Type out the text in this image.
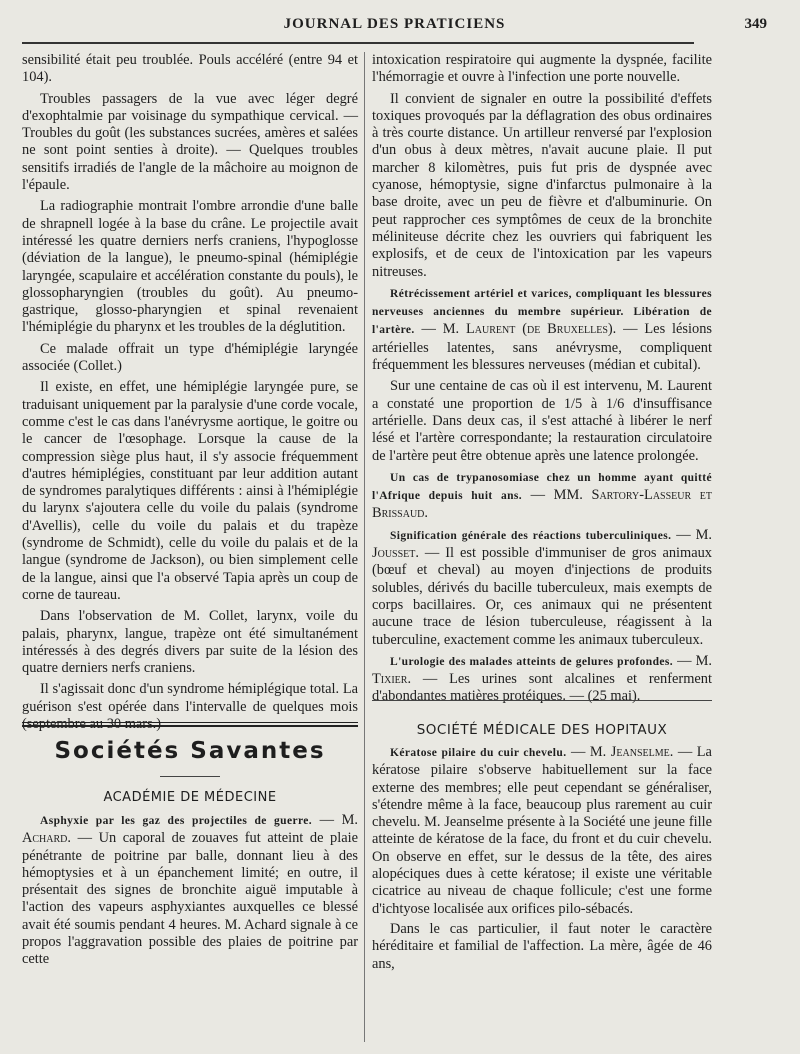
JOURNAL DES PRATICIENS	349

sensibilité était peu troublée. Pouls accéléré (entre 94 et 104).

Troubles passagers de la vue avec léger degré d'exophtalmie par voisinage du sympathique cervical. — Troubles du goût (les substances sucrées, amères et salées ne sont point senties à droite). — Quelques troubles sensitifs irradiés de l'angle de la mâchoire au moignon de l'épaule.

La radiographie montrait l'ombre arrondie d'une balle de shrapnell logée à la base du crâne. Le projectile avait intéressé les quatre derniers nerfs craniens, l'hypoglosse (déviation de la langue), le pneumo-spinal (hémiplégie laryngée, scapulaire et accélération constante du pouls), le glossopharyngien (troubles du goût). Au pneumo-gastrique, glosso-pharyngien et spinal revenaient l'hémiplégie du pharynx et les troubles de la déglutition.

Ce malade offrait un type d'hémiplégie laryngée associée (Collet.)

Il existe, en effet, une hémiplégie laryngée pure, se traduisant uniquement par la paralysie d'une corde vocale, comme c'est le cas dans l'anévrysme aortique, le goitre ou le cancer de l'œsophage. Lorsque la cause de la compression siège plus haut, il s'y associe fréquemment d'autres hémiplégies, constituant par leur addition autant de syndromes paralytiques différents : ainsi à l'hémiplégie du larynx s'ajoutera celle du voile du palais (syndrome d'Avellis), celle du voile du palais et du trapèze (syndrome de Schmidt), celle du voile du palais et de la langue (syndrome de Jackson), ou bien simplement celle de la langue, ainsi que l'a observé Tapia après un coup de corne de taureau.

Dans l'observation de M. Collet, larynx, voile du palais, pharynx, langue, trapèze ont été simultanément intéressés à des degrés divers par suite de la lésion des quatre derniers nerfs craniens.

Il s'agissait donc d'un syndrome hémiplégique total. La guérison s'est opérée dans l'intervalle de quelques mois (septembre au 30 mars.)

Sociétés Savantes
ACADÉMIE DE MÉDECINE

Asphyxie par les gaz des projectiles de guerre. — M. Achard. — Un caporal de zouaves fut atteint de plaie pénétrante de poitrine par balle, donnant lieu à des hémoptysies et à un épanchement limité; en outre, il présentait des signes de bronchite aiguë imputable à l'action des vapeurs asphyxiantes auxquelles ce blessé avait été soumis pendant 4 heures. M. Achard signale à ce propos l'aggravation possible des plaies de poitrine par cette

intoxication respiratoire qui augmente la dyspnée, facilite l'hémorragie et ouvre à l'infection une porte nouvelle.

Il convient de signaler en outre la possibilité d'effets toxiques provoqués par la déflagration des obus ordinaires à très courte distance. Un artilleur renversé par l'explosion d'un obus à deux mètres, n'avait aucune plaie. Il put marcher 8 kilomètres, puis fut pris de dyspnée avec cyanose, hémoptysie, signe d'infarctus pulmonaire à la base droite, avec un peu de fièvre et d'albuminurie. On peut rapprocher ces symptômes de ceux de la bronchite méliniteuse décrite chez les ouvriers qui fabriquent les explosifs, et de ceux de l'intoxication par les vapeurs nitreuses.

Rétrécissement artériel et varices, compliquant les blessures nerveuses anciennes du membre supérieur. Libération de l'artère. — M. Laurent (de Bruxelles). — Les lésions artérielles latentes, sans anévrysme, compliquent fréquemment les blessures nerveuses (médian et cubital).

Sur une centaine de cas où il est intervenu, M. Laurent a constaté une proportion de 1/5 à 1/6 d'insuffisance artérielle. Dans deux cas, il s'est attaché à libérer le nerf lésé et l'artère correspondante; la restauration circulatoire de l'artère peut être obtenue après une latence prolongée.

Un cas de trypanosomiase chez un homme ayant quitté l'Afrique depuis huit ans. — MM. Sartory-Lasseur et Brissaud.

Signification générale des réactions tuberculiniques. — M. Jousset. — Il est possible d'immuniser de gros animaux (bœuf et cheval) au moyen d'injections de produits solubles, dérivés du bacille tuberculeux, mais exempts de corps bacillaires. Or, ces animaux qui ne présentent aucune trace de lésion tuberculeuse, réagissent à la tuberculine, exactement comme les animaux tuberculeux.

L'urologie des malades atteints de gelures profondes. — M. Tixier. — Les urines sont alcalines et renferment d'abondantes matières protéiques. — (25 mai).

SOCIÉTÉ MÉDICALE DES HOPITAUX

Kératose pilaire du cuir chevelu. — M. Jeanselme. — La kératose pilaire s'observe habituellement sur la face externe des membres; elle peut cependant se généraliser, s'étendre même à la face, beaucoup plus rarement au cuir chevelu. M. Jeanselme présente à la Société une jeune fille atteinte de kératose de la face, du front et du cuir chevelu. On observe en effet, sur le dessus de la tête, des aires alopéciques dues à cette kératose; il existe une véritable cicatrice au niveau de chaque follicule; c'est une forme d'ichtyose localisée aux orifices pilo-sébacés.

Dans le cas particulier, il faut noter le caractère héréditaire et familial de l'affection. La mère, âgée de 46 ans,
